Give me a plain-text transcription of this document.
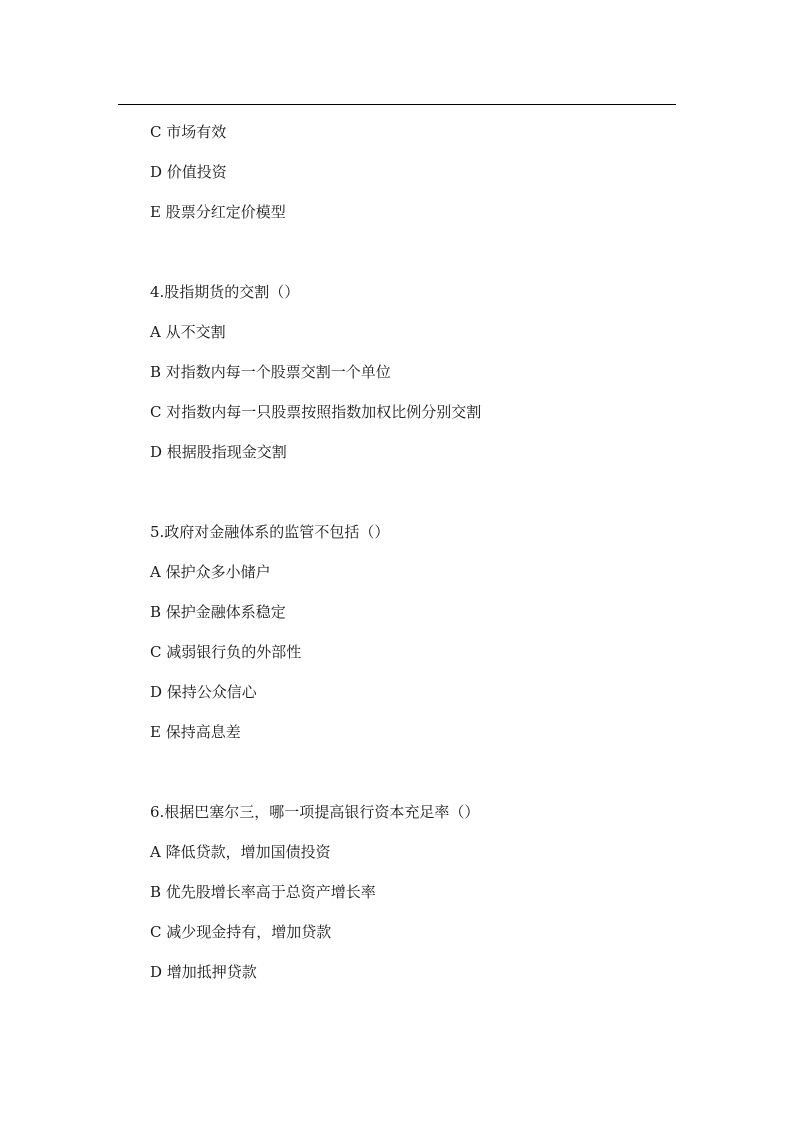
C 市场有效
D 价值投资
E 股票分红定价模型
4.股指期货的交割（）
A 从不交割
B 对指数内每一个股票交割一个单位
C 对指数内每一只股票按照指数加权比例分别交割
D 根据股指现金交割
5.政府对金融体系的监管不包括（）
A 保护众多小储户
B 保护金融体系稳定
C 减弱银行负的外部性
D 保持公众信心
E 保持高息差
6.根据巴塞尔三，哪一项提高银行资本充足率（）
A 降低贷款，增加国债投资
B 优先股增长率高于总资产增长率
C 减少现金持有，增加贷款
D 增加抵押贷款
